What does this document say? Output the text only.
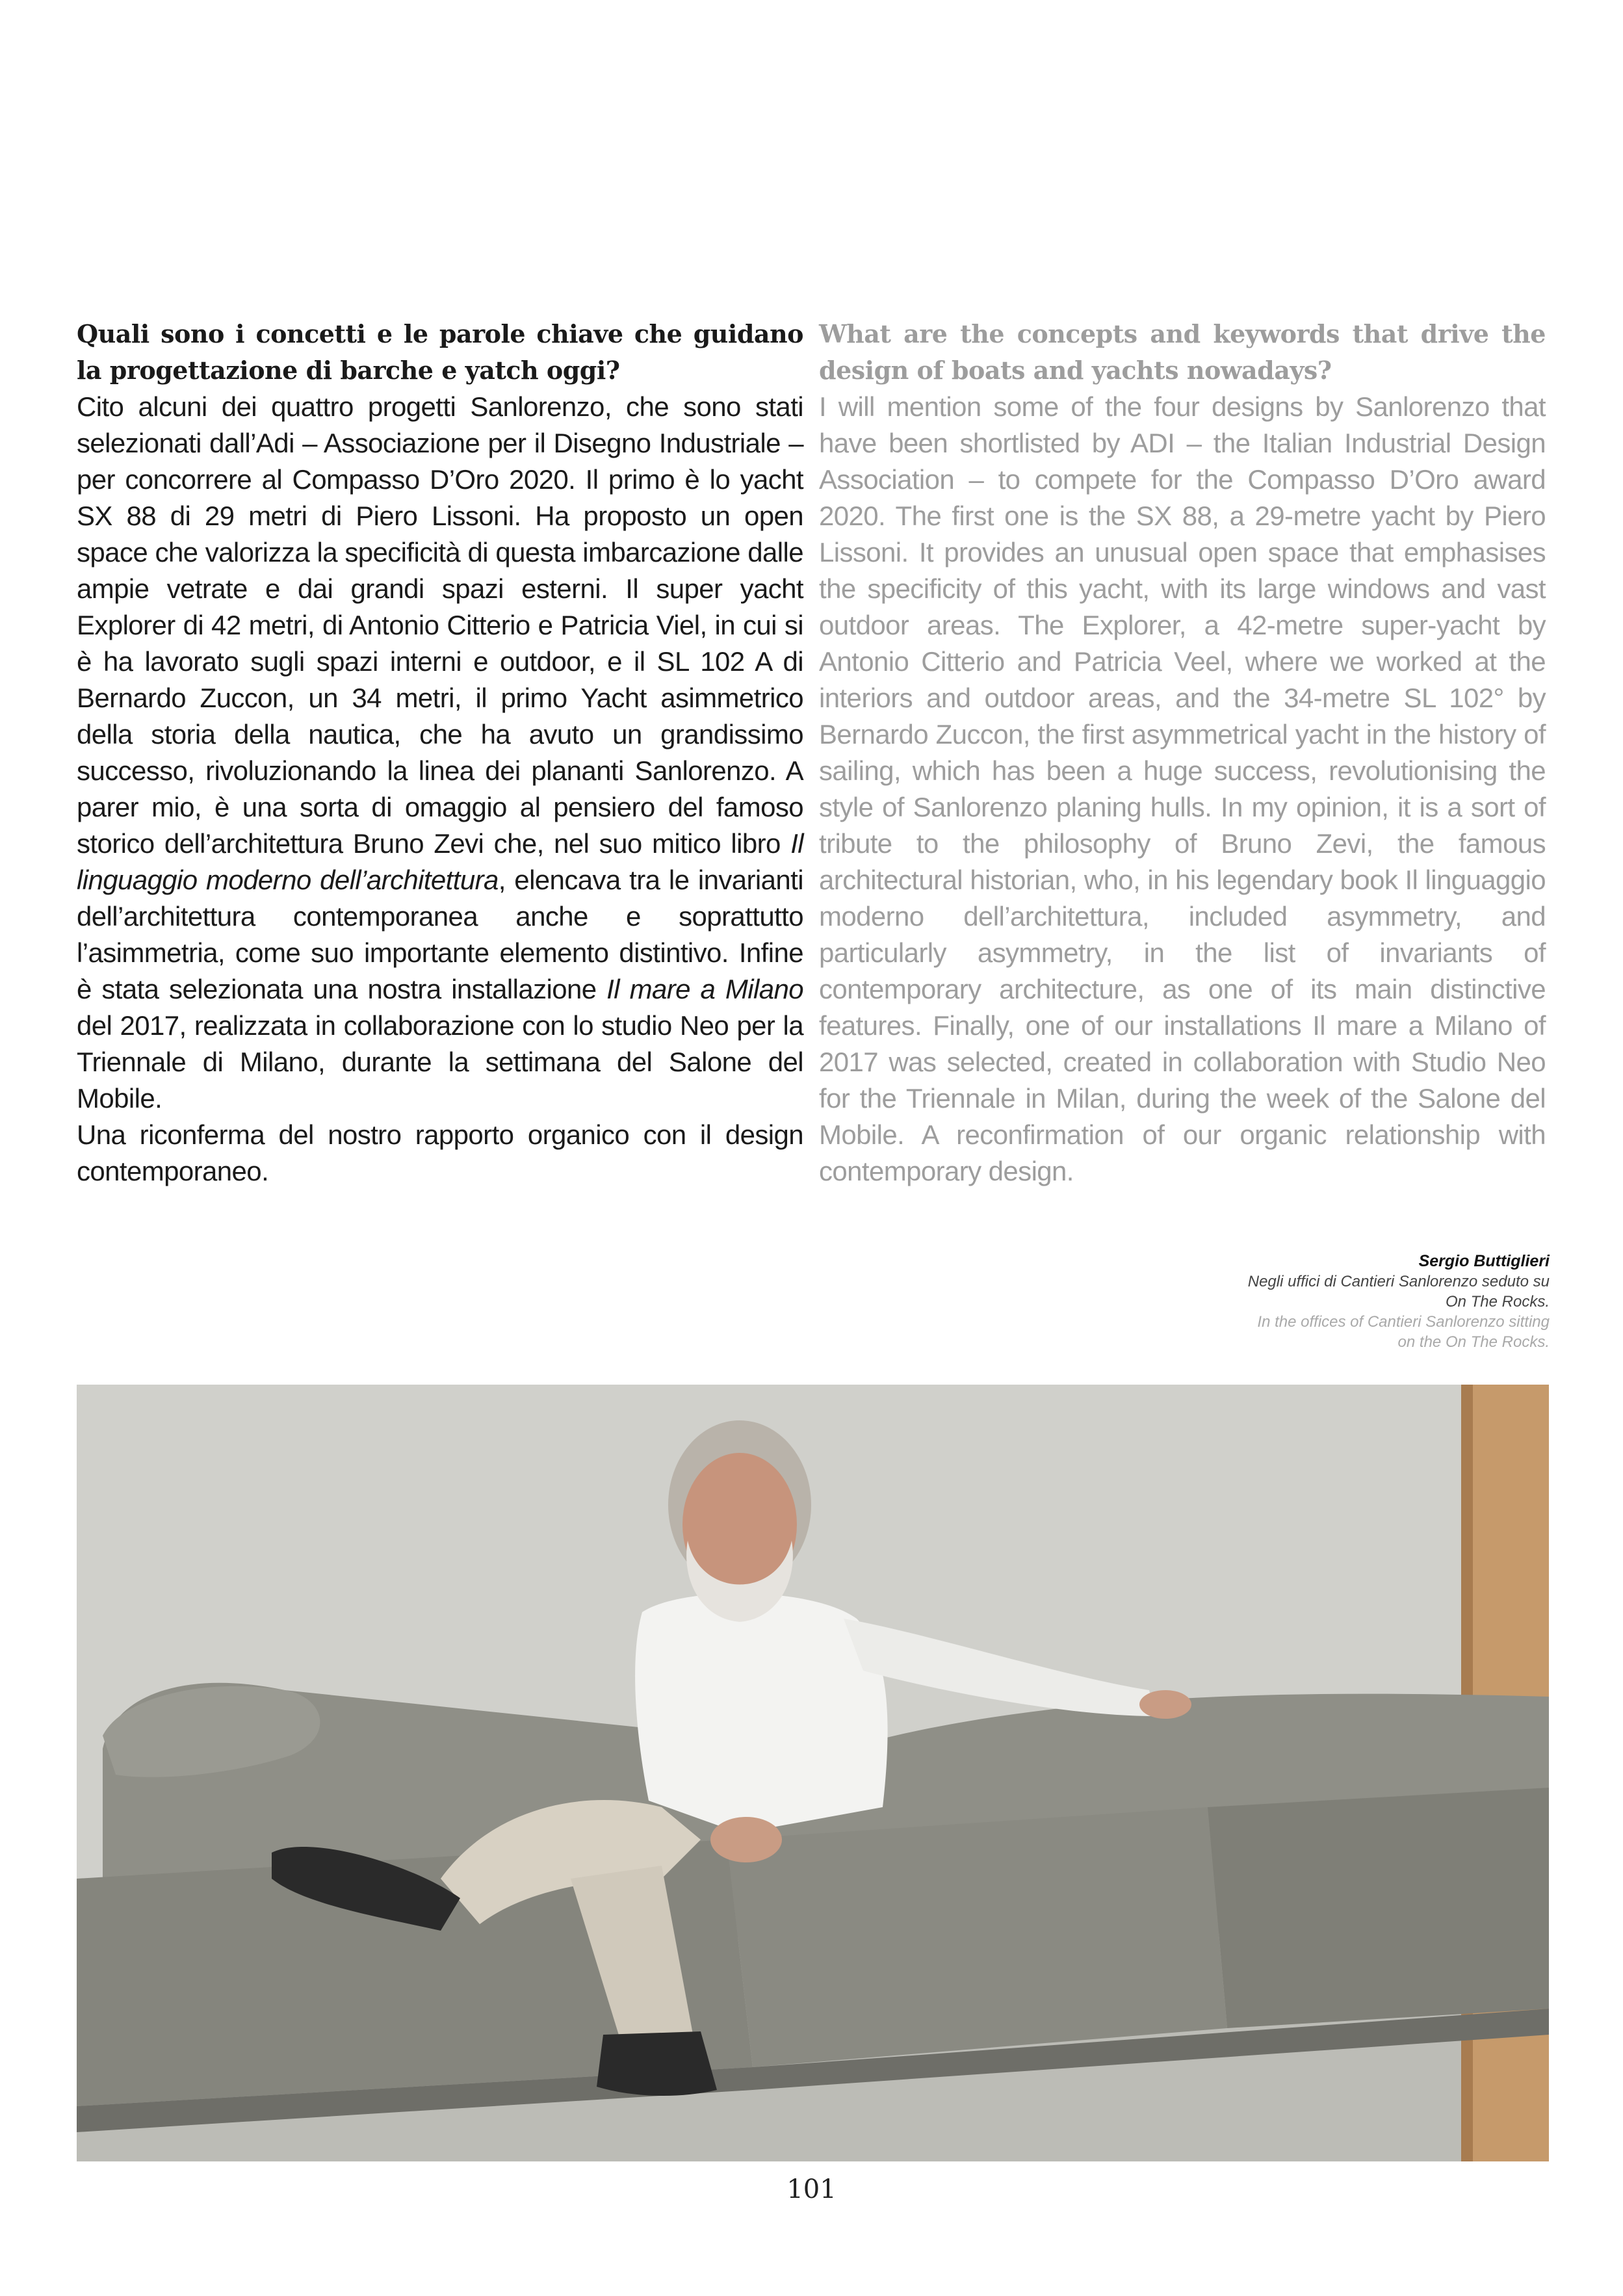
Quali sono i concetti e le parole chiave che guidano la progettazione di barche e yatch oggi?

Cito alcuni dei quattro progetti Sanlorenzo, che sono stati selezionati dall’Adi – Associazione per il Disegno Industriale – per concorrere al Compasso D’Oro 2020. Il primo è lo yacht SX 88 di 29 metri di Piero Lissoni. Ha proposto un open space che valorizza la specificità di questa imbarcazione dalle ampie vetrate e dai grandi spazi esterni. Il super yacht Explorer di 42 metri, di Antonio Citterio e Patricia Viel, in cui si è ha lavorato sugli spazi interni e outdoor, e il SL 102 A di Bernardo Zuccon, un 34 metri, il primo Yacht asimmetrico della storia della nautica, che ha avuto un grandissimo successo, rivoluzionando la linea dei plananti Sanlorenzo. A parer mio, è una sorta di omaggio al pensiero del famoso storico dell’architettura Bruno Zevi che, nel suo mitico libro Il linguaggio moderno dell’architettura, elencava tra le invarianti dell’architettura contemporanea anche e soprattutto l’asimmetria, come suo importante elemento distintivo. Infine è stata selezionata una nostra installazione Il mare a Milano del 2017, realizzata in collaborazione con lo studio Neo per la Triennale di Milano, durante la settimana del Salone del Mobile.

Una riconferma del nostro rapporto organico con il design contemporaneo.

What are the concepts and keywords that drive the design of boats and yachts nowadays?

I will mention some of the four designs by Sanlorenzo that have been shortlisted by ADI – the Italian Industrial Design Association – to compete for the Compasso D’Oro award 2020. The first one is the SX 88, a 29-metre yacht by Piero Lissoni. It provides an unusual open space that emphasises the specificity of this yacht, with its large windows and vast outdoor areas. The Explorer, a 42-metre super-yacht by Antonio Citterio and Patricia Veel, where we worked at the interiors and outdoor areas, and the 34-metre SL 102° by Bernardo Zuccon, the first asymmetrical yacht in the history of sailing, which has been a huge success, revolutionising the style of Sanlorenzo planing hulls. In my opinion, it is a sort of tribute to the philosophy of Bruno Zevi, the famous architectural historian, who, in his legendary book Il linguaggio moderno dell’architettura, included asymmetry, and particularly asymmetry, in the list of invariants of contemporary architecture, as one of its main distinctive features. Finally, one of our installations Il mare a Milano of 2017 was selected, created in collaboration with Studio Neo for the Triennale in Milan, during the week of the Salone del Mobile. A reconfirmation of our organic relationship with contemporary design.

Sergio Buttiglieri
Negli uffici di Cantieri Sanlorenzo seduto su
On The Rocks.
In the offices of Cantieri Sanlorenzo sitting
on the On The Rocks.
101
